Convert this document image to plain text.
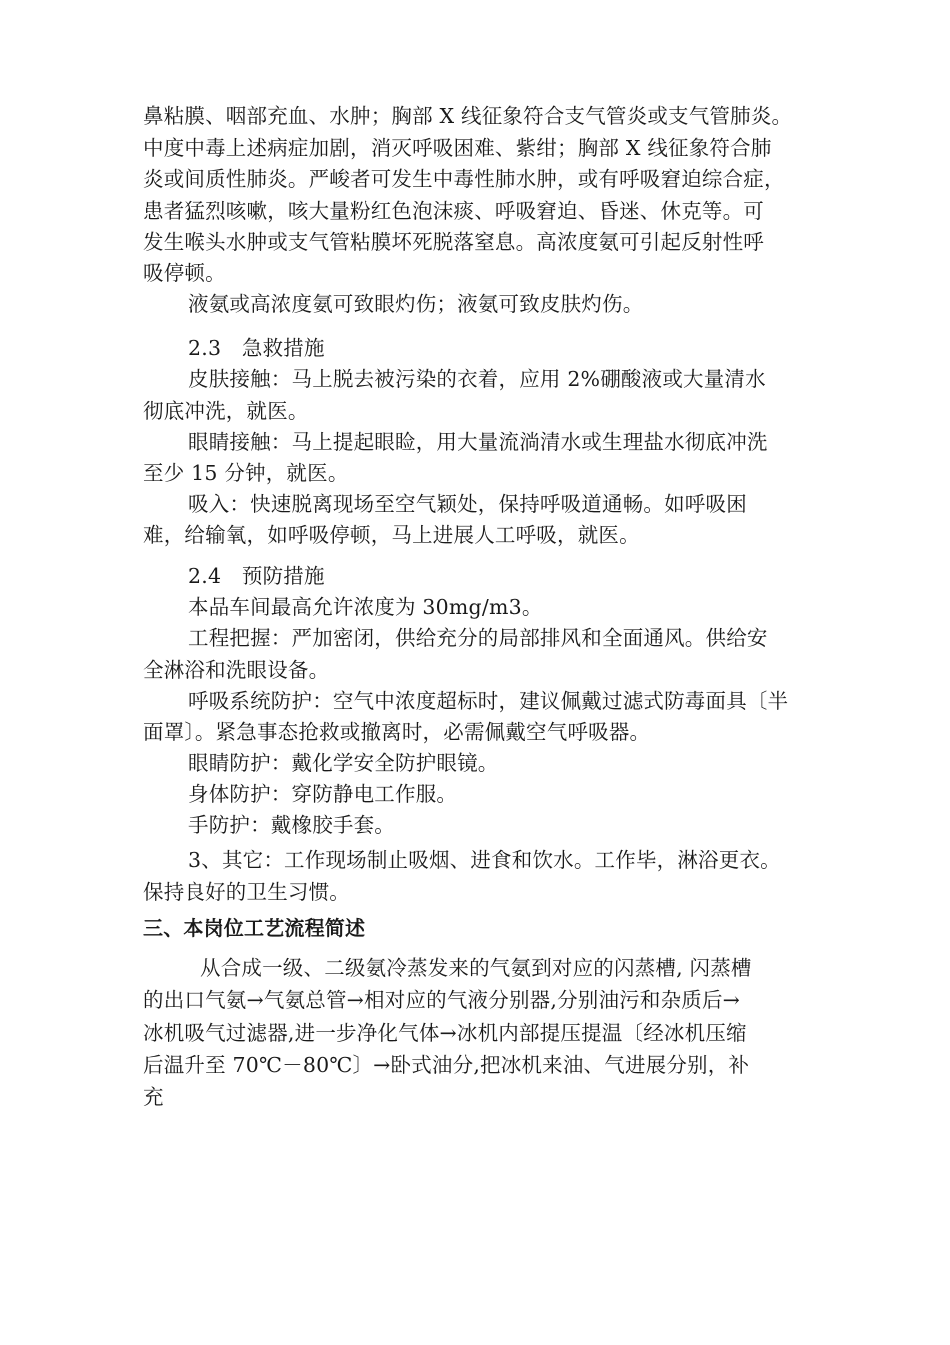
鼻粘膜、咽部充血、水肿；胸部 X 线征象符合支气管炎或支气管肺炎。
中度中毒上述病症加剧，消灭呼吸困难、紫绀；胸部 X 线征象符合肺
炎或间质性肺炎。严峻者可发生中毒性肺水肿，或有呼吸窘迫综合症，
患者猛烈咳嗽，咳大量粉红色泡沫痰、呼吸窘迫、昏迷、休克等。可
发生喉头水肿或支气管粘膜坏死脱落窒息。高浓度氨可引起反射性呼
吸停顿。
液氨或高浓度氨可致眼灼伤；液氨可致皮肤灼伤。
2.3　急救措施
皮肤接触：马上脱去被污染的衣着，应用 2%硼酸液或大量清水
彻底冲洗，就医。
眼睛接触：马上提起眼睑，用大量流淌清水或生理盐水彻底冲洗
至少 15 分钟，就医。
吸入：快速脱离现场至空气颖处，保持呼吸道通畅。如呼吸困
难，给输氧，如呼吸停顿，马上进展人工呼吸，就医。
2.4　预防措施
本品车间最高允许浓度为 30mg/m3。
工程把握：严加密闭，供给充分的局部排风和全面通风。供给安
全淋浴和洗眼设备。
呼吸系统防护：空气中浓度超标时，建议佩戴过滤式防毒面具〔半
面罩〕。紧急事态抢救或撤离时，必需佩戴空气呼吸器。
眼睛防护：戴化学安全防护眼镜。
身体防护：穿防静电工作服。
手防护：戴橡胶手套。
3、其它：工作现场制止吸烟、进食和饮水。工作毕，淋浴更衣。
保持良好的卫生习惯。
三、本岗位工艺流程简述
从合成一级、二级氨冷蒸发来的气氨到对应的闪蒸槽, 闪蒸槽
的出口气氨→气氨总管→相对应的气液分别器,分别油污和杂质后→
冰机吸气过滤器,进一步净化气体→冰机内部提压提温〔经冰机压缩
后温升至 70℃－80℃〕→卧式油分,把冰机来油、气进展分别，补
充
